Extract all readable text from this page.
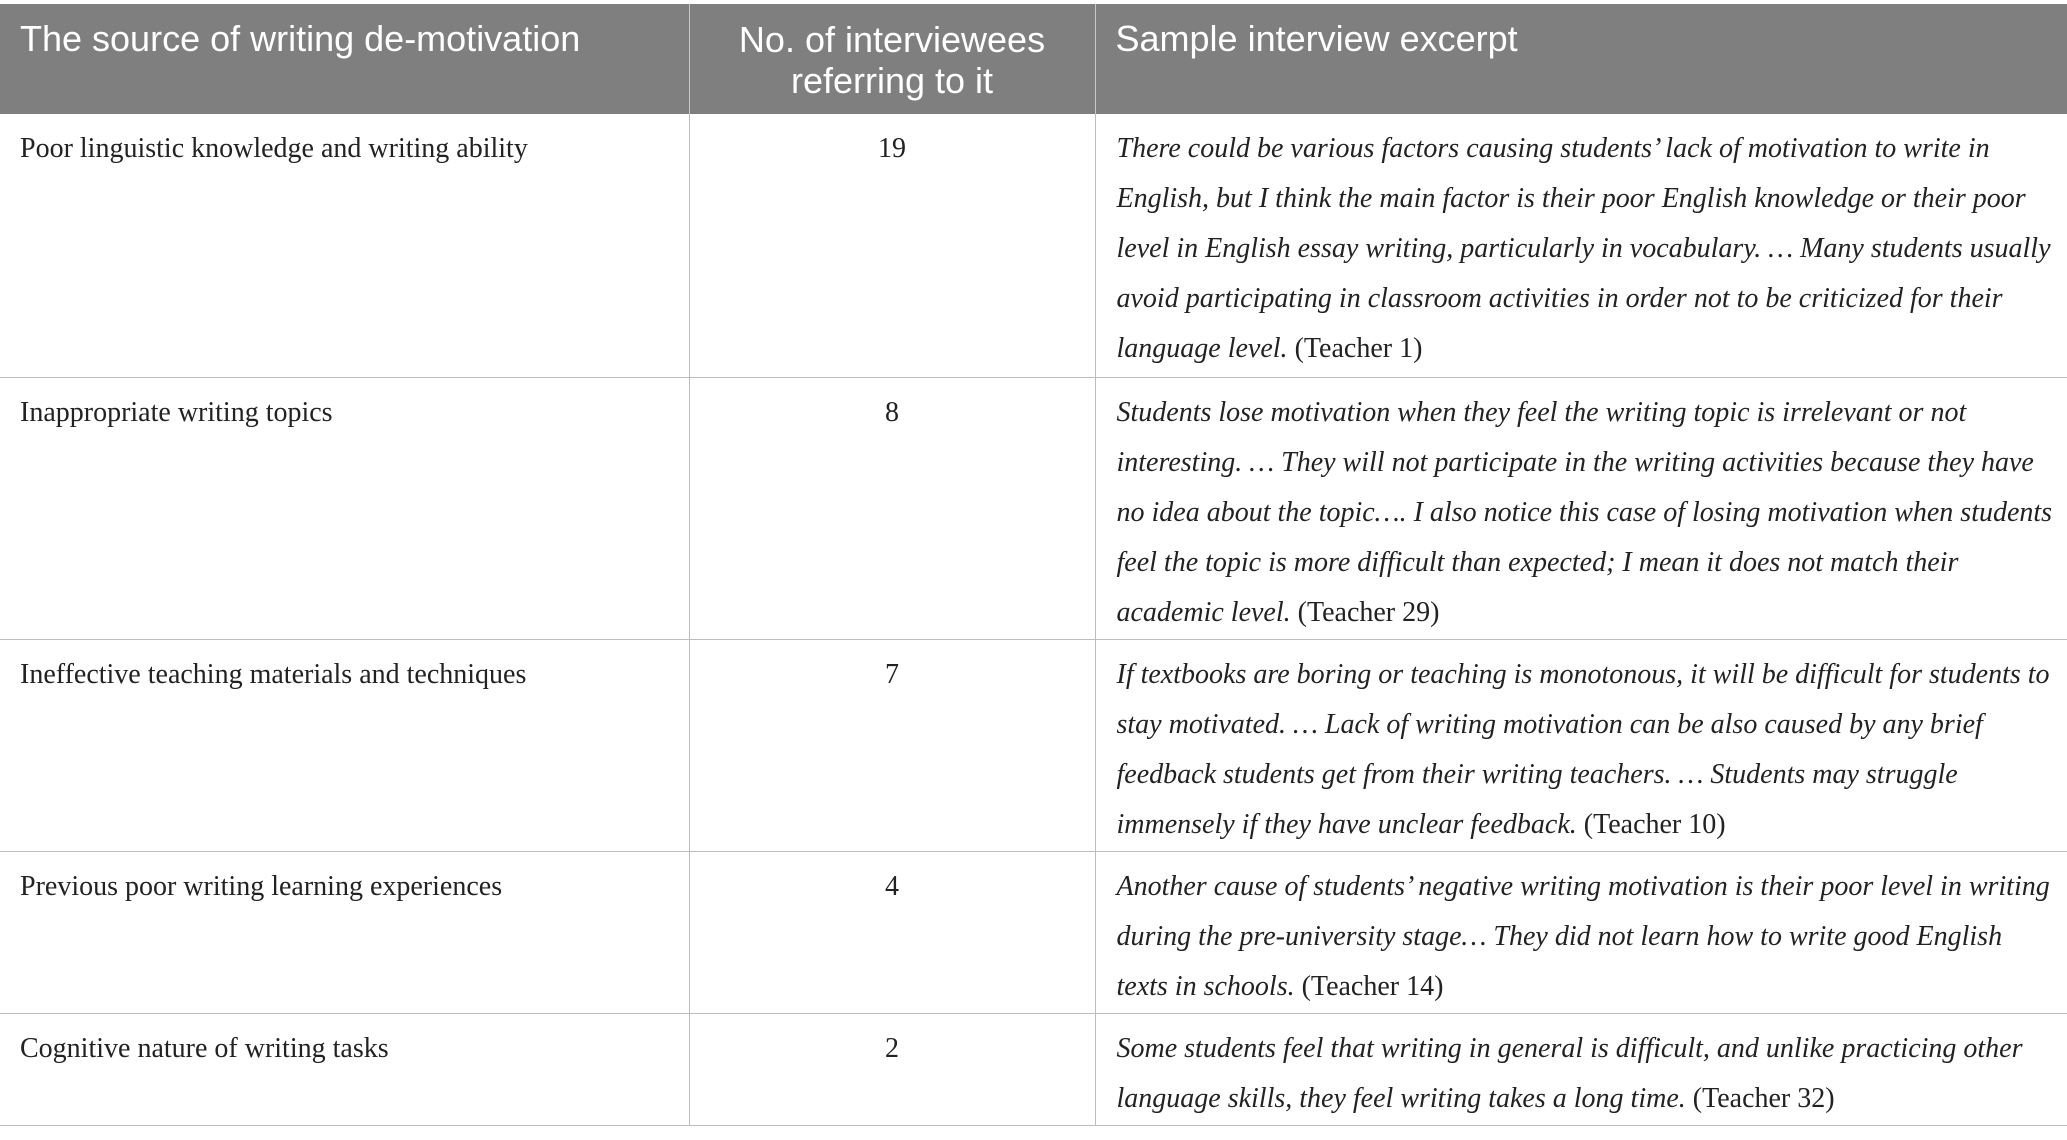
The source of writing de-motivation	No. of interviewees referring to it	Sample interview excerpt
Poor linguistic knowledge and writing ability	19	There could be various factors causing students’ lack of motivation to write in English, but I think the main factor is their poor English knowledge or their poor level in English essay writing, particularly in vocabulary. … Many students usually avoid participating in classroom activities in order not to be criticized for their language level. (Teacher 1)
Inappropriate writing topics	8	Students lose motivation when they feel the writing topic is irrelevant or not interesting. … They will not participate in the writing activities because they have no idea about the topic…. I also notice this case of losing motivation when students feel the topic is more difficult than expected; I mean it does not match their academic level. (Teacher 29)
Ineffective teaching materials and techniques	7	If textbooks are boring or teaching is monotonous, it will be difficult for students to stay motivated. … Lack of writing motivation can be also caused by any brief feedback students get from their writing teachers. … Students may struggle immensely if they have unclear feedback. (Teacher 10)
Previous poor writing learning experiences	4	Another cause of students’ negative writing motivation is their poor level in writing during the pre-university stage… They did not learn how to write good English texts in schools. (Teacher 14)
Cognitive nature of writing tasks	2	Some students feel that writing in general is difficult, and unlike practicing other language skills, they feel writing takes a long time. (Teacher 32)
